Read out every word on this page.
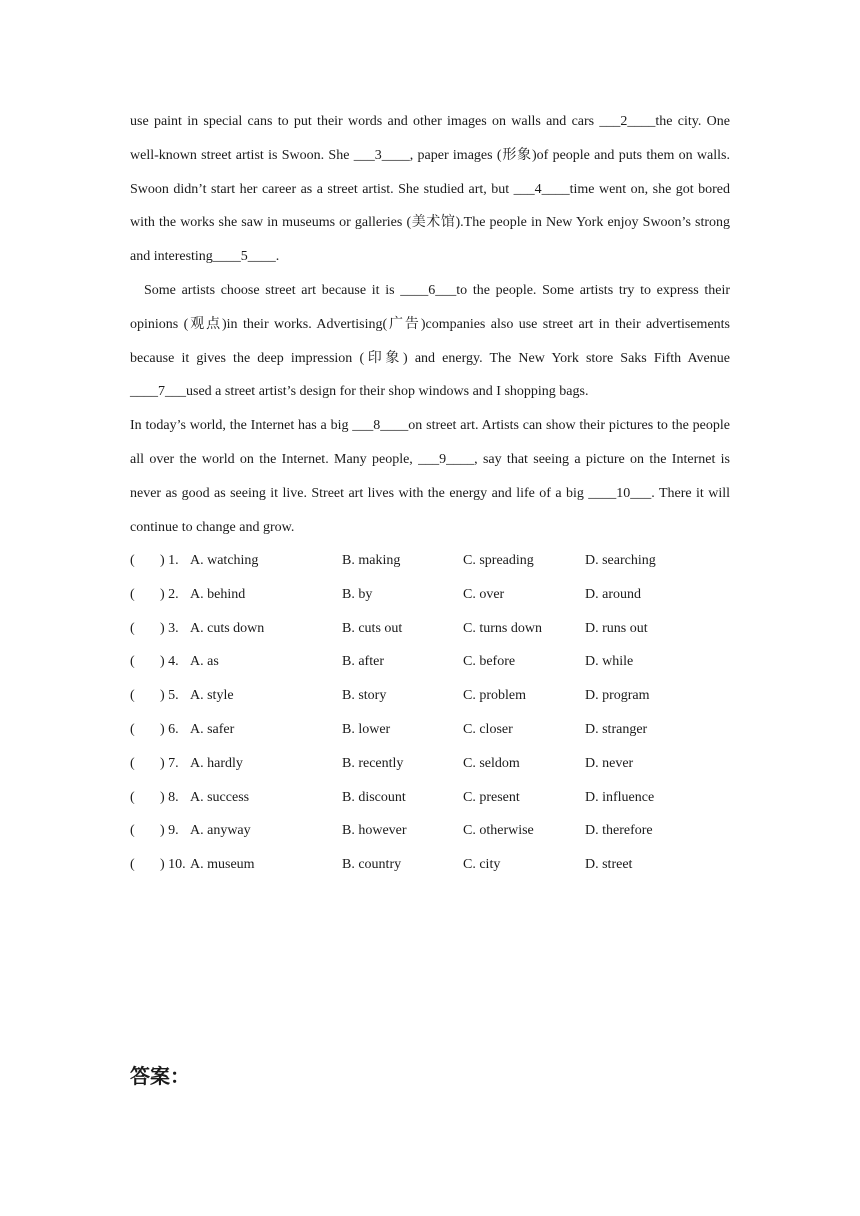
use paint in special cans to put their words and other images on walls and cars ___2____the city. One well-known street artist is Swoon. She ___3____, paper images (形象)of people and puts them on walls. Swoon didn’t start her career as a street artist. She studied art, but ___4____time went on, she got bored with the works she saw in museums or galleries (美术馆).The people in New York enjoy Swoon’s strong and interesting____5____.

Some artists choose street art because it is ____6___to the people. Some artists try to express their opinions (观点)in their works. Advertising(广告)companies also use street art in their advertisements because it gives the deep impression (印象) and energy. The New York store Saks Fifth Avenue ____7___used a street artist’s design for their shop windows and I shopping bags.

In today’s world, the Internet has a big ___8____on street art. Artists can show their pictures to the people all over the world on the Internet. Many people, ___9____, say that seeing a picture on the Internet is never as good as seeing it live. Street art lives with the energy and life of a big ____10___. There it will continue to change and grow.

( ) 1. A. watching	B. making	C. spreading	D. searching
( ) 2. A. behind	B. by	C. over	D. around
( ) 3. A. cuts down	B. cuts out	C. turns down	D. runs out
( ) 4. A. as	B. after	C. before	D. while
( ) 5. A. style	B. story	C. problem	D. program
( ) 6. A. safer	B. lower	C. closer	D. stranger
( ) 7. A. hardly	B. recently	C. seldom	D. never
( ) 8. A. success	B. discount	C. present	D. influence
( ) 9. A. anyway	B. however	C. otherwise	D. therefore
( ) 10. A. museum	B. country	C. city	D. street
答案：
